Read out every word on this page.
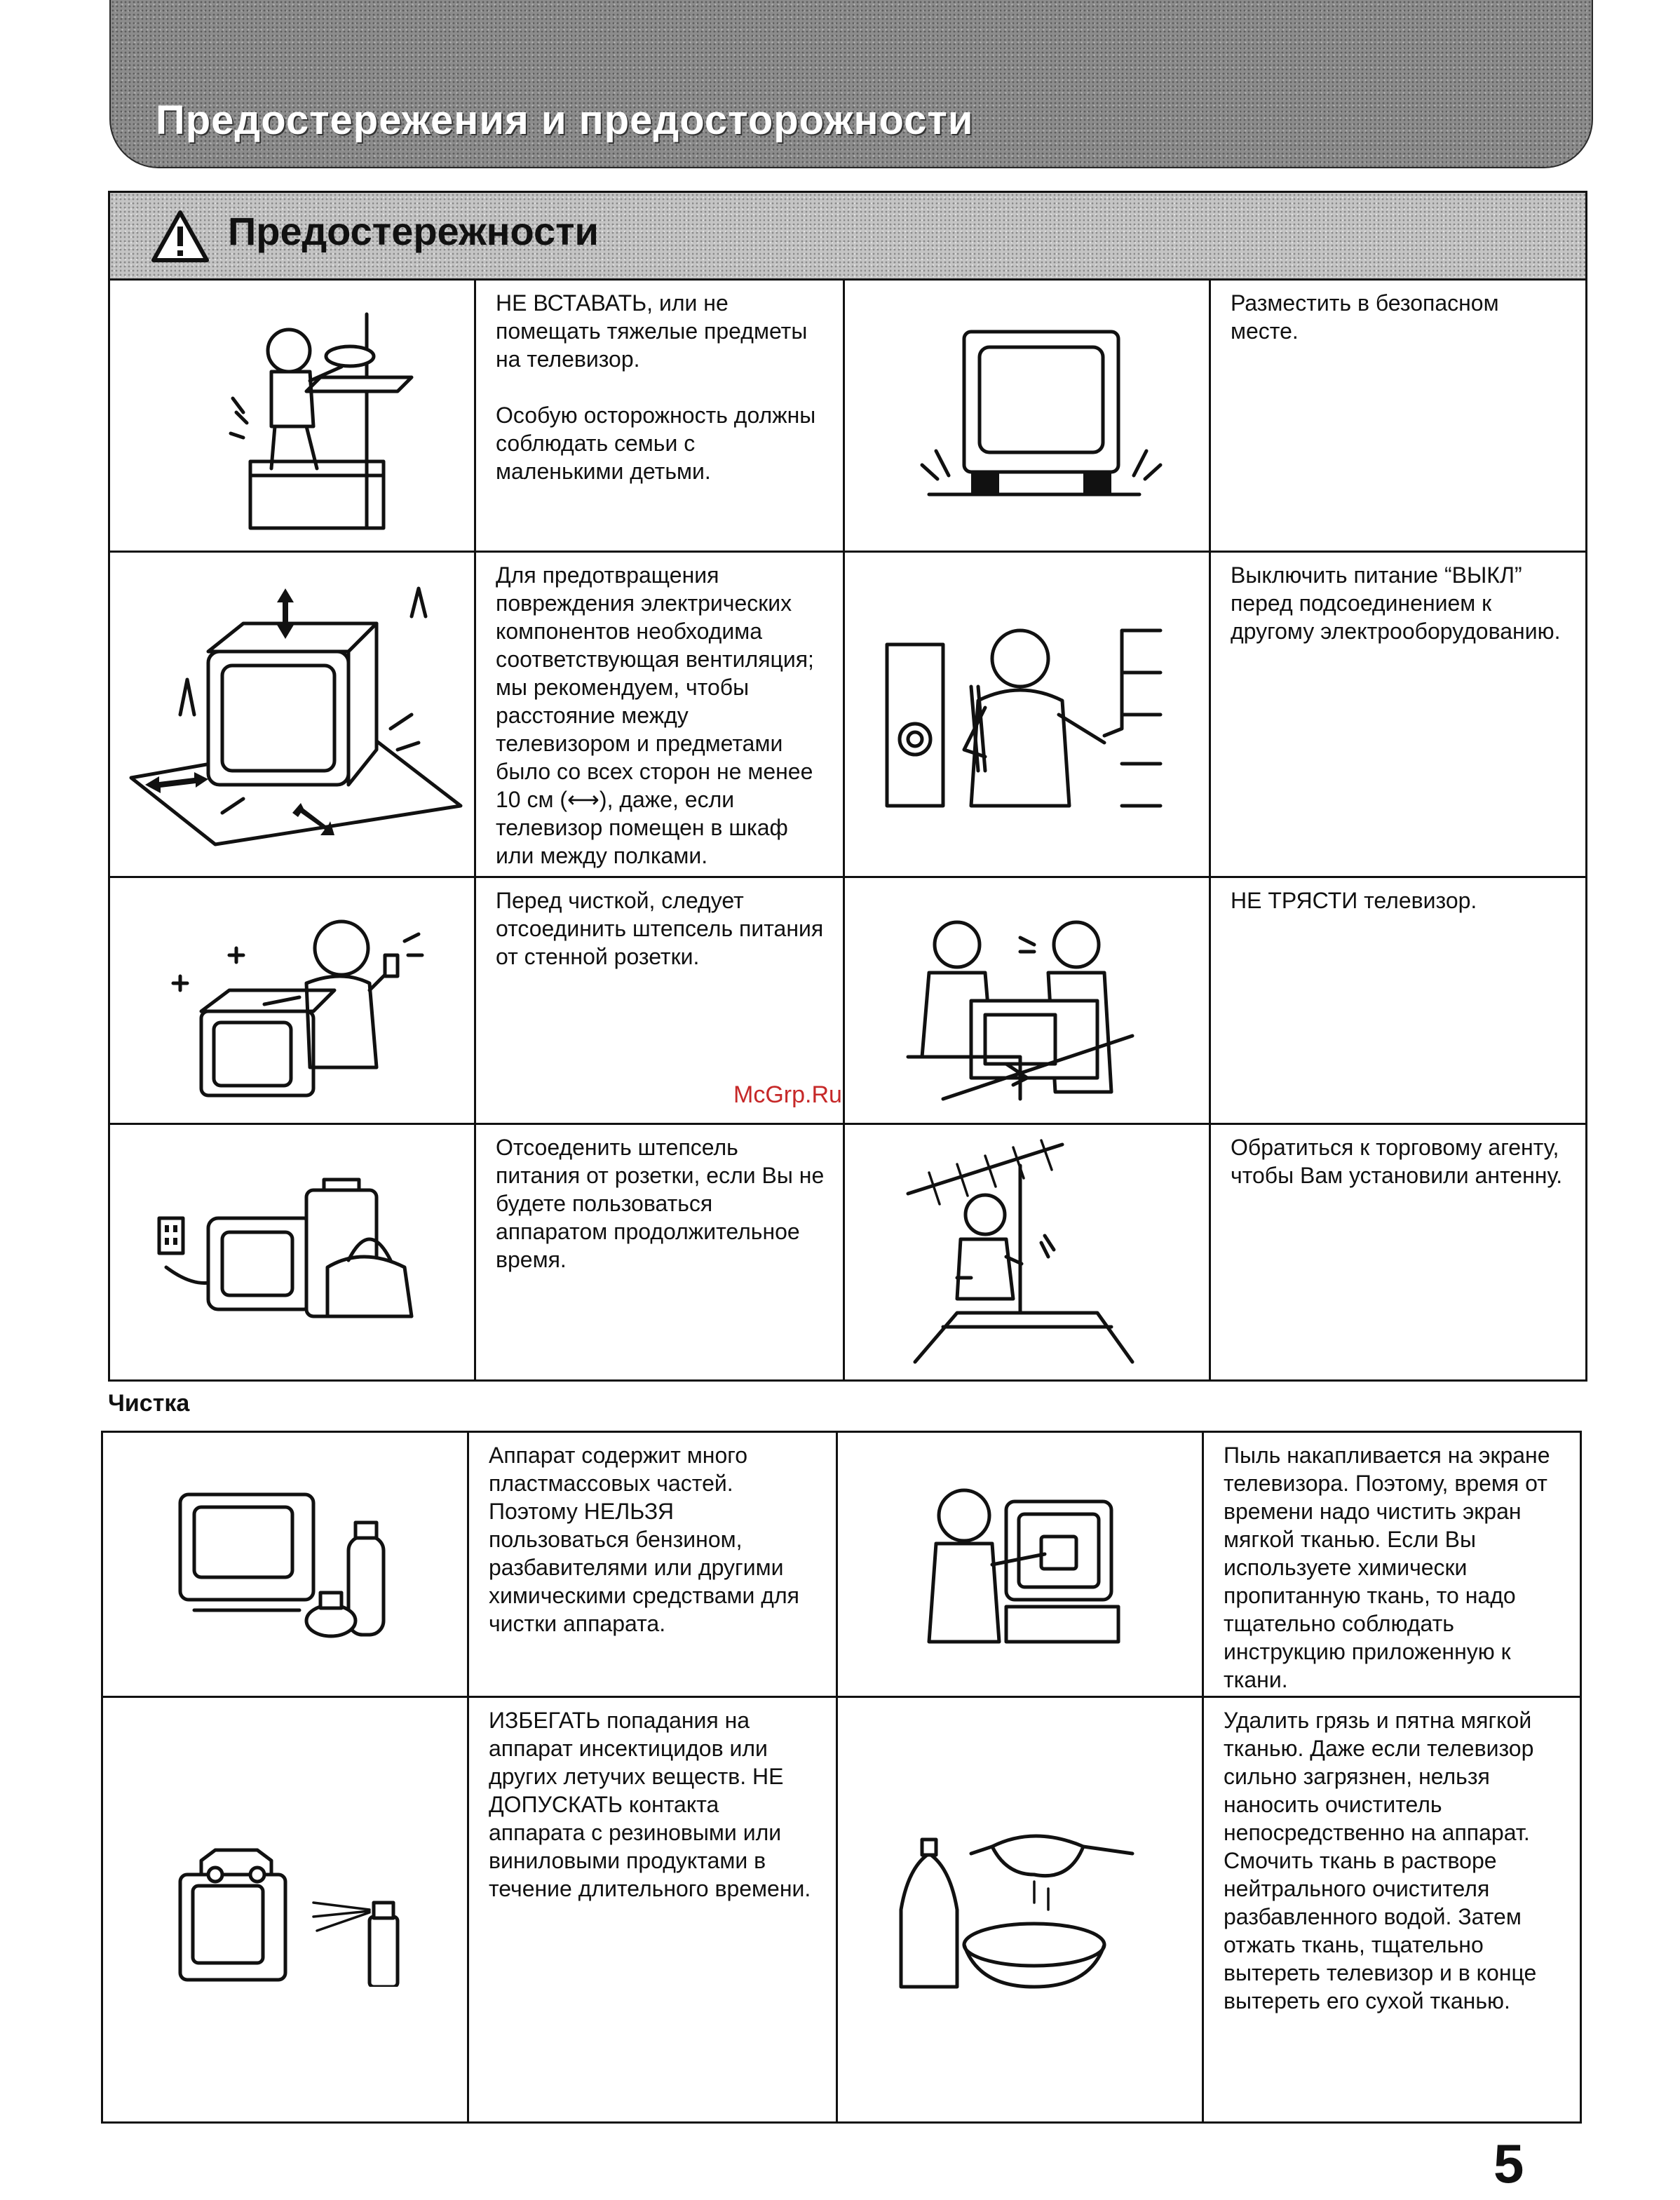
Предостережения и предосторожности
Предостережности
НЕ ВСТАВАТЬ, или не помещать тяжелые предметы на телевизор.

Особую осторожность должны соблюдать семьи с маленькими детьми.
Разместить в безопасном месте.
Для предотвращения повреждения электрических компонентов необходима соответствующая вентиляция; мы рекомендуем, чтобы расстояние между телевизором и предметами было со всех сторон не менее 10 см (⟷), даже, если телевизор помещен в шкаф или между полками.
Выключить питание “ВЫКЛ” перед подсоединением к другому электрооборудованию.
Перед чисткой, следует отсоединить штепсель питания от стенной розетки.
НЕ ТРЯСТИ телевизор.
Отсоеденить штепсель питания от розетки, если Вы не будете пользоваться аппаратом продолжительное время.
Обратиться к торговому агенту, чтобы Вам установили антенну.
McGrp.Ru
Чистка
Аппарат содержит много пластмассовых частей. Поэтому НЕЛЬЗЯ пользоваться бензином, разбавителями или другими химическими средствами для чистки аппарата.
Пыль накапливается на экране телевизора. Поэтому, время от времени надо чистить экран мягкой тканью. Если Вы используете химически пропитанную ткань, то надо тщательно соблюдать инструкцию приложенную к ткани.
ИЗБЕГАТЬ попадания на аппарат инсектицидов или других летучих веществ. НЕ ДОПУСКАТЬ контакта аппарата с резиновыми или виниловыми продуктами в течение длительного времени.
Удалить грязь и пятна мягкой тканью. Даже если телевизор сильно загрязнен, нельзя наносить очиститель непосредственно на аппарат. Смочить ткань в растворе нейтрального очистителя разбавленного водой. Затем отжать ткань, тщательно вытереть телевизор и в конце вытереть его сухой тканью.
5
